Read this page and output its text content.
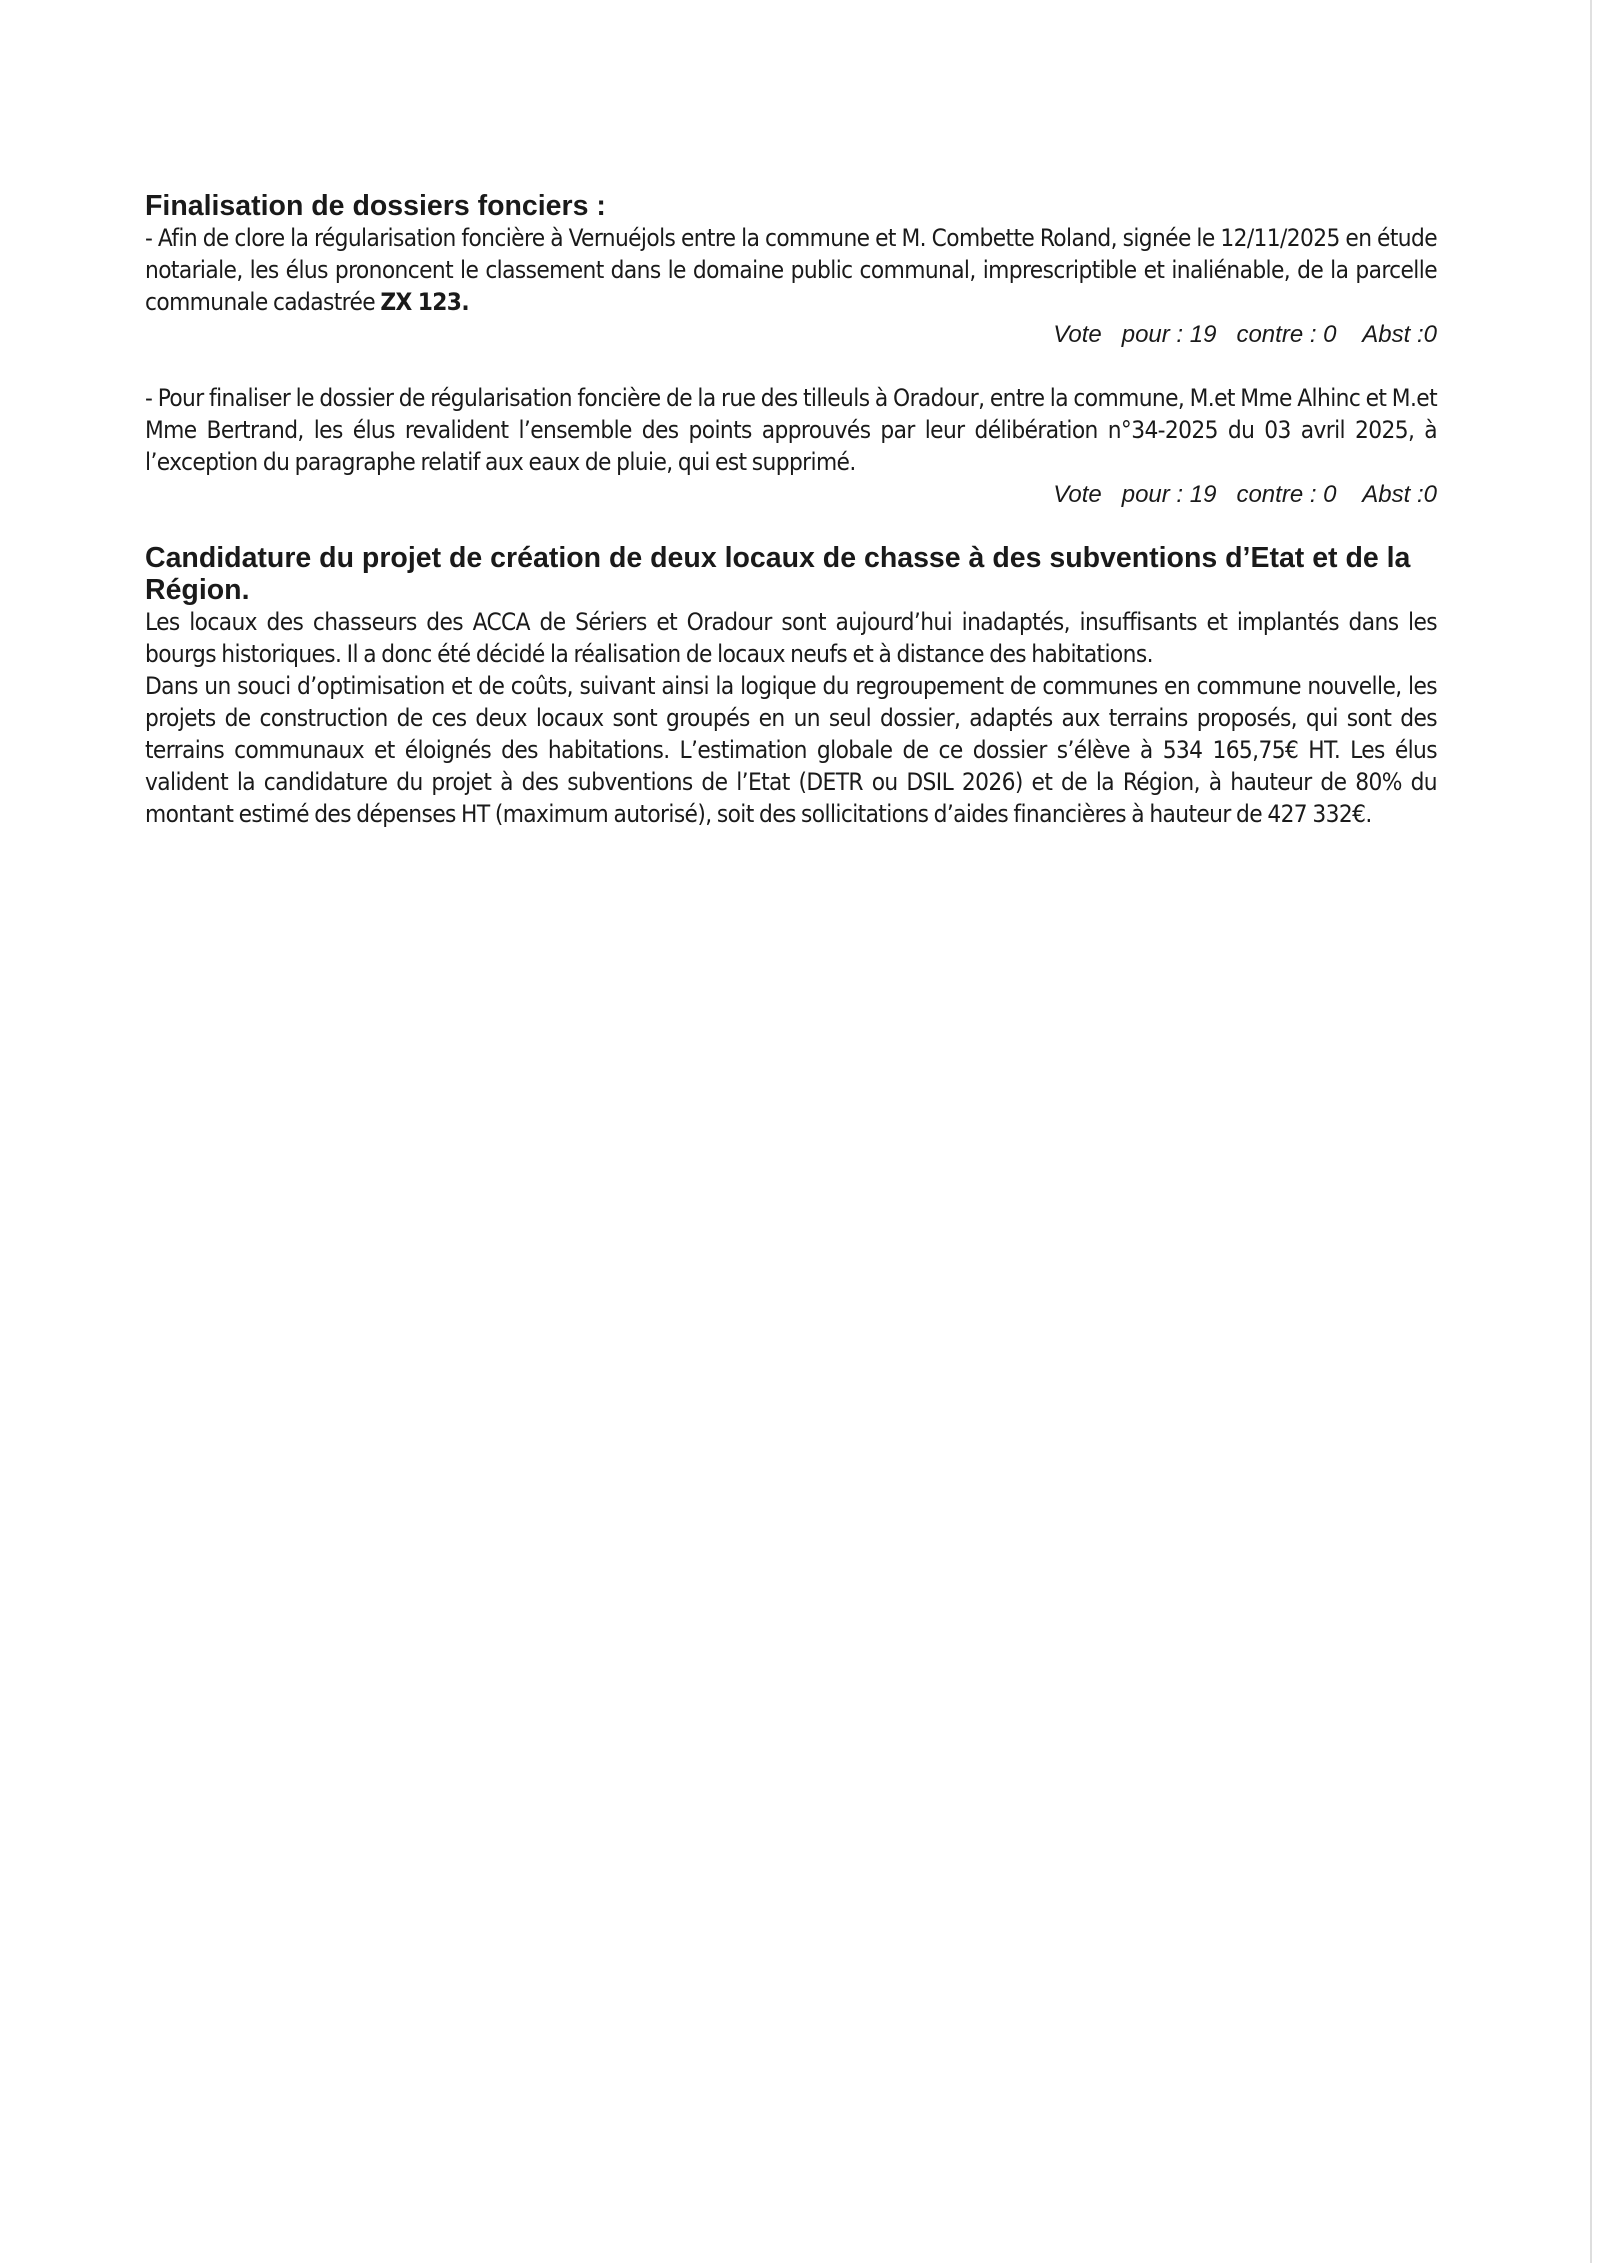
Finalisation de dossiers fonciers :

- Afin de clore la régularisation foncière à Vernuéjols entre la commune et M. Combette Roland, signée le 12/11/2025 en étude notariale, les élus prononcent le classement dans le domaine public communal, imprescriptible et inaliénable, de la parcelle communale cadastrée ZX 123.

Vote   pour : 19   contre : 0    Abst :0

- Pour finaliser le dossier de régularisation foncière de la rue des tilleuls à Oradour, entre la commune, M.et Mme Alhinc et M.et Mme Bertrand, les élus revalident l’ensemble des points approuvés par leur délibération n°34-2025 du 03 avril 2025, à l’exception du paragraphe relatif aux eaux de pluie, qui est supprimé.

Vote   pour : 19   contre : 0    Abst :0

Candidature du projet de création de deux locaux de chasse à des subventions d’Etat et de la Région.

Les locaux des chasseurs des ACCA de Sériers et Oradour sont aujourd’hui inadaptés, insuffisants et implantés dans les bourgs historiques. Il a donc été décidé la réalisation de locaux neufs et à distance des habitations.

Dans un souci d’optimisation et de coûts, suivant ainsi la logique du regroupement de communes en commune nouvelle, les projets de construction de ces deux locaux sont groupés en un seul dossier, adaptés aux terrains proposés, qui sont des terrains communaux et éloignés des habitations. L’estimation globale de ce dossier s’élève à 534 165,75€ HT. Les élus valident la candidature du projet à des subventions de l’Etat (DETR ou DSIL 2026) et de la Région, à hauteur de 80% du montant estimé des dépenses HT (maximum autorisé), soit des sollicitations d’aides financières à hauteur de 427 332€.
